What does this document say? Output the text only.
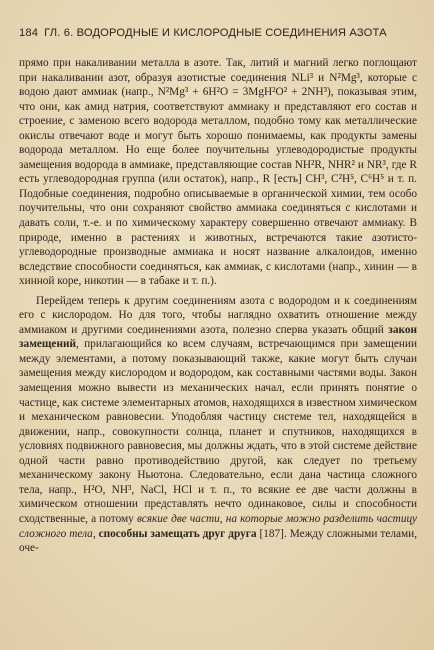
184 ГЛ. 6. ВОДОРОДНЫЕ И КИСЛОРОДНЫЕ СОЕДИНЕНИЯ АЗОТА

прямо при накаливании металла в азоте. Так, литий и магний легко поглощают при накаливании азот, образуя азотистые соединения NLi³ и N²Mg³, которые с водою дают аммиак (напр., N²Mg³ + 6H²O = 3MgH²O² + 2NH³), показывая этим, что они, как амид натрия, соответствуют аммиаку и представляют его состав и строение, с заменою всего водорода металлом, подобно тому как металлические окислы отвечают воде и могут быть хорошо понимаемы, как продукты замены водорода металлом. Но еще более поучительны углеводородистые продукты замещения водорода в аммиаке, представляющие состав NH²R, NHR² и NR³, где R есть углеводородная группа (или остаток), напр., R [есть] CH³, C²H⁵, C⁶H⁵ и т. п. Подобные соединения, подробно описываемые в органической химии, тем особо поучительны, что они сохраняют свойство аммиака соединяться с кислотами и давать соли, т.-е. и по химическому характеру совершенно отвечают аммиаку. В природе, именно в растениях и животных, встречаются такие азотисто-углеводородные производные аммиака и носят название алкалоидов, именно вследствие способности соединяться, как аммиак, с кислотами (напр., хинин — в хинной коре, никотин — в табаке и т. п.).

Перейдем теперь к другим соединениям азота с водородом и к соединениям его с кислородом. Но для того, чтобы наглядно охватить отношение между аммиаком и другими соединениями азота, полезно сперва указать общий закон замещений, прилагающийся ко всем случаям, встречающимся при замещении между элементами, а потому показывающий также, какие могут быть случаи замещения между кислородом и водородом, как составными частями воды. Закон замещения можно вывести из механических начал, если принять понятие о частице, как системе элементарных атомов, находящихся в известном химическом и механическом равновесии. Уподобляя частицу системе тел, находящейся в движении, напр., совокупности солнца, планет и спутников, находящихся в условиях подвижного равновесия, мы должны ждать, что в этой системе действие одной части равно противодействию другой, как следует по третьему механическому закону Ньютона. Следовательно, если дана частица сложного тела, напр., H²O, NH³, NaCl, HCl и т. п., то всякие ее две части должны в химическом отношении представлять нечто одинаковое, силы и способности сходственные, а потому всякие две части, на которые можно разделить частицу сложного тела, способны замещать друг друга [187]. Между сложными телами, оче-
